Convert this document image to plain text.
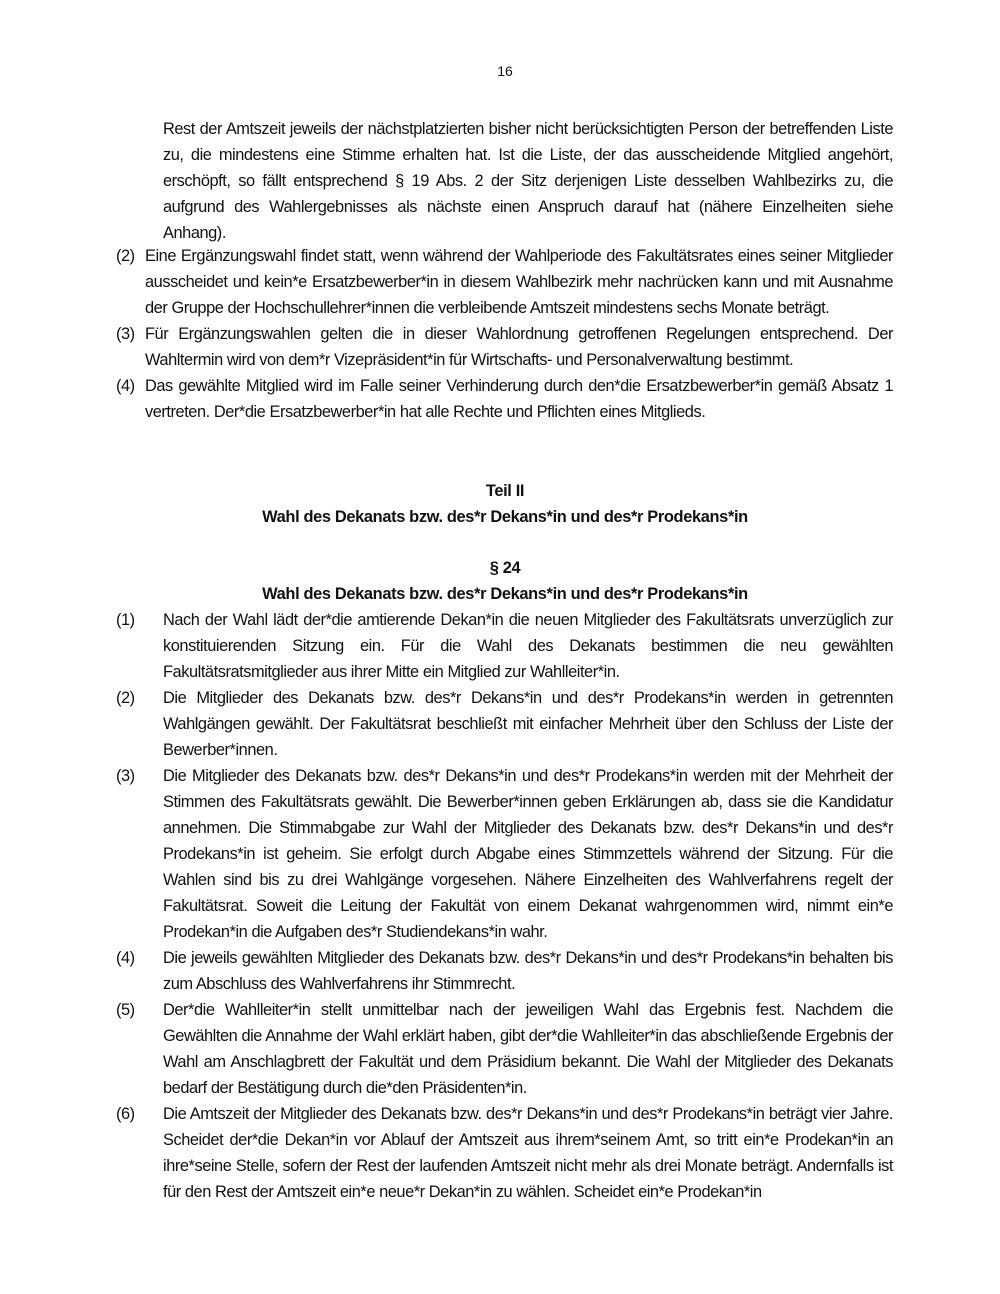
16
Rest der Amtszeit jeweils der nächstplatzierten bisher nicht berücksichtigten Person der betreffenden Liste zu, die mindestens eine Stimme erhalten hat. Ist die Liste, der das ausscheidende Mitglied angehört, erschöpft, so fällt entsprechend § 19 Abs. 2 der Sitz derjenigen Liste desselben Wahlbezirks zu, die aufgrund des Wahlergebnisses als nächste einen Anspruch darauf hat (nähere Einzelheiten siehe Anhang).
(2) Eine Ergänzungswahl findet statt, wenn während der Wahlperiode des Fakultätsrates eines seiner Mitglieder ausscheidet und kein*e Ersatzbewerber*in in diesem Wahlbezirk mehr nachrücken kann und mit Ausnahme der Gruppe der Hochschullehrer*innen die verbleibende Amtszeit mindestens sechs Monate beträgt.
(3) Für Ergänzungswahlen gelten die in dieser Wahlordnung getroffenen Regelungen entsprechend. Der Wahltermin wird von dem*r Vizepräsident*in für Wirtschafts- und Personalverwaltung bestimmt.
(4) Das gewählte Mitglied wird im Falle seiner Verhinderung durch den*die Ersatzbewerber*in gemäß Absatz 1 vertreten. Der*die Ersatzbewerber*in hat alle Rechte und Pflichten eines Mitglieds.
Teil II
Wahl des Dekanats bzw. des*r Dekans*in und des*r Prodekans*in
§ 24
Wahl des Dekanats bzw. des*r Dekans*in und des*r Prodekans*in
(1)	Nach der Wahl lädt der*die amtierende Dekan*in die neuen Mitglieder des Fakultätsrats unverzüglich zur konstituierenden Sitzung ein. Für die Wahl des Dekanats bestimmen die neu gewählten Fakultätsratsmitglieder aus ihrer Mitte ein Mitglied zur Wahlleiter*in.
(2)	Die Mitglieder des Dekanats bzw. des*r Dekans*in und des*r Prodekans*in werden in getrennten Wahlgängen gewählt. Der Fakultätsrat beschließt mit einfacher Mehrheit über den Schluss der Liste der Bewerber*innen.
(3)	Die Mitglieder des Dekanats bzw. des*r Dekans*in und des*r Prodekans*in werden mit der Mehrheit der Stimmen des Fakultätsrats gewählt. Die Bewerber*innen geben Erklärungen ab, dass sie die Kandidatur annehmen. Die Stimmabgabe zur Wahl der Mitglieder des Dekanats bzw. des*r Dekans*in und des*r Prodekans*in ist geheim. Sie erfolgt durch Abgabe eines Stimmzettels während der Sitzung. Für die Wahlen sind bis zu drei Wahlgänge vorgesehen. Nähere Einzelheiten des Wahlverfahrens regelt der Fakultätsrat. Soweit die Leitung der Fakultät von einem Dekanat wahrgenommen wird, nimmt ein*e Prodekan*in die Aufgaben des*r Studiendekans*in wahr.
(4)	Die jeweils gewählten Mitglieder des Dekanats bzw. des*r Dekans*in und des*r Prodekans*in behalten bis zum Abschluss des Wahlverfahrens ihr Stimmrecht.
(5)	Der*die Wahlleiter*in stellt unmittelbar nach der jeweiligen Wahl das Ergebnis fest. Nachdem die Gewählten die Annahme der Wahl erklärt haben, gibt der*die Wahlleiter*in das abschließende Ergebnis der Wahl am Anschlagbrett der Fakultät und dem Präsidium bekannt. Die Wahl der Mitglieder des Dekanats bedarf der Bestätigung durch die*den Präsidenten*in.
(6)	Die Amtszeit der Mitglieder des Dekanats bzw. des*r Dekans*in und des*r Prodekans*in beträgt vier Jahre. Scheidet der*die Dekan*in vor Ablauf der Amtszeit aus ihrem*seinem Amt, so tritt ein*e Prodekan*in an ihre*seine Stelle, sofern der Rest der laufenden Amtszeit nicht mehr als drei Monate beträgt. Andernfalls ist für den Rest der Amtszeit ein*e neue*r Dekan*in zu wählen. Scheidet ein*e Prodekan*in
